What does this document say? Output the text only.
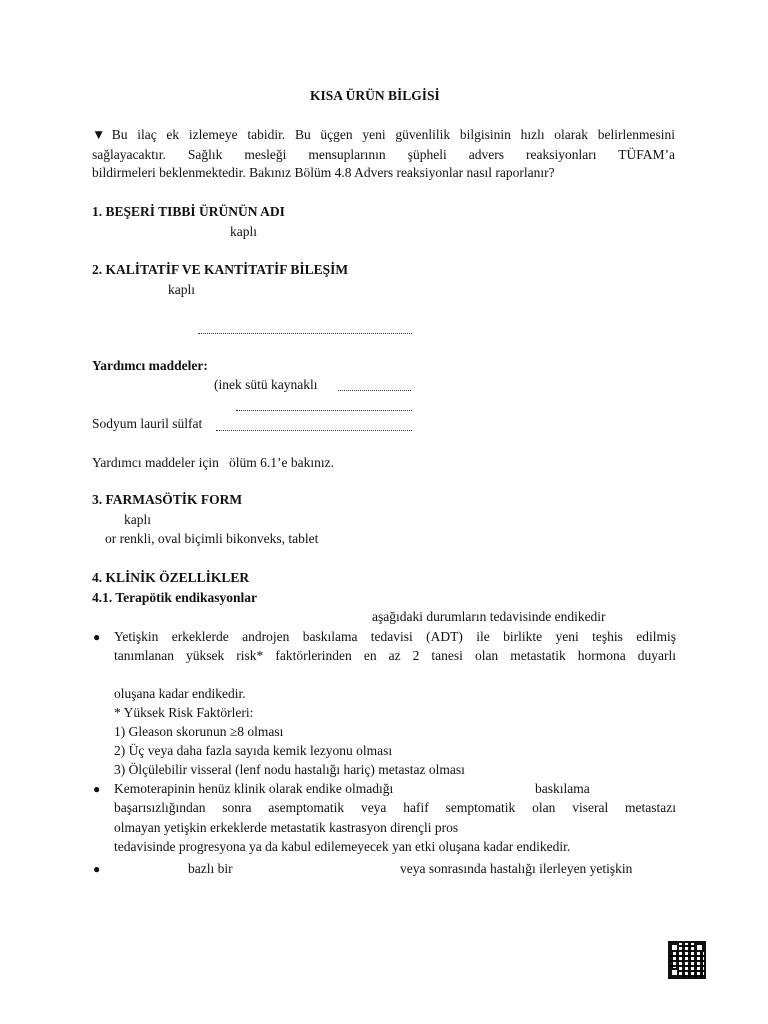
KISA ÜRÜN BİLGİSİ
▼Bu ilaç ek izlemeye tabidir. Bu üçgen yeni güvenlilik bilgisinin hızlı olarak belirlenmesini
sağlayacaktır. Sağlık mesleği mensuplarının şüpheli advers reaksiyonları TÜFAM’a
bildirmeleri beklenmektedir. Bakınız Bölüm 4.8 Advers reaksiyonlar nasıl raporlanır?
1. BEŞERİ TIBBİ ÜRÜNÜN ADI
kaplı
2. KALİTATİF VE KANTİTATİF BİLEŞİM
kaplı
Yardımcı maddeler:
(inek sütü kaynaklı
Sodyum lauril sülfat
Yardımcı maddeler için   ölüm 6.1’e bakınız.
3. FARMASÖTİK FORM
kaplı
or renkli, oval biçimli bikonveks, tablet
4. KLİNİK ÖZELLİKLER
4.1. Terapötik endikasyonlar
aşağıdaki durumların tedavisinde endikedir
● Yetişkin erkeklerde androjen baskılama tedavisi (ADT) ile birlikte yeni teşhis edilmiş
tanımlanan yüksek risk* faktörlerinden en az 2 tanesi olan metastatik hormona duyarlı
oluşana kadar endikedir.
* Yüksek Risk Faktörleri:
1) Gleason skorunun ≥8 olması
2) Üç veya daha fazla sayıda kemik lezyonu olması
3) Ölçülebilir visseral (lenf nodu hastalığı hariç) metastaz olması
● Kemoterapinin henüz klinik olarak endike olmadığı	baskılama
başarısızlığından sonra asemptomatik veya hafif semptomatik olan viseral metastazı
olmayan yetişkin erkeklerde metastatik kastrasyon dirençli pros
tedavisinde progresyona ya da kabul edilemeyecek yan etki oluşana kadar endikedir.
●	bazlı bir	veya sonrasında hastalığı ilerleyen yetişkin
